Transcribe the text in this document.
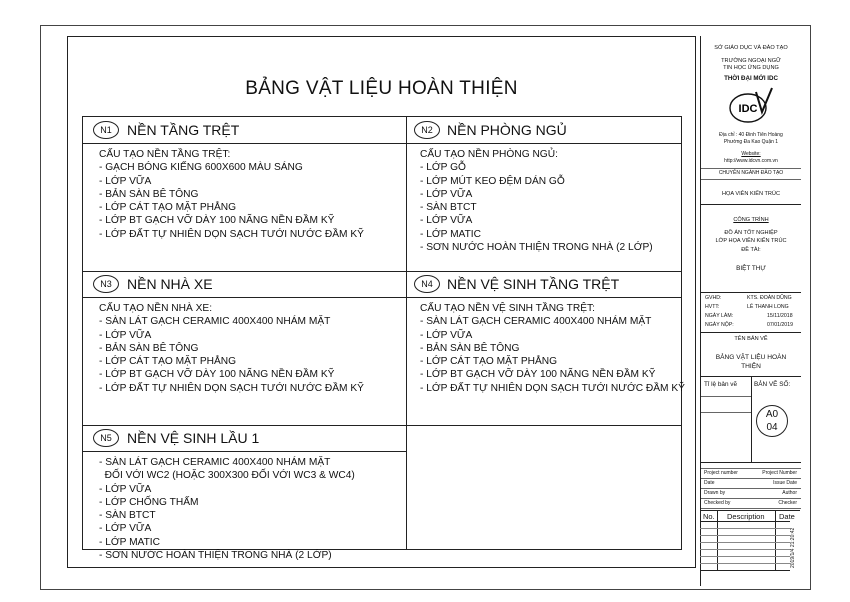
BẢNG VẬT LIỆU HOÀN THIỆN
N1	NỀN TẦNG TRỆT
CẤU TẠO NỀN TẦNG TRỆT:
- GẠCH BÓNG KIẾNG 600X600 MÀU SÁNG
- LỚP VỮA
- BẢN SÀN BÊ TÔNG
- LỚP CÁT TẠO MẶT PHẲNG
- LỚP BT GẠCH VỠ DÀY 100 NÃNG NỀN ĐẦM KỸ
- LỚP ĐẤT TỰ NHIÊN DỌN SẠCH TƯỚI NƯỚC ĐẦM KỸ
N2	NỀN PHÒNG NGỦ
CẤU TẠO NỀN PHÒNG NGỦ:
- LỚP GỖ
- LỚP MÚT KEO ĐỆM DÁN GỖ
- LỚP VỮA
- SÀN BTCT
- LỚP VỮA
- LỚP MATIC
- SƠN NƯỚC HOÀN THIỆN TRONG NHÀ (2 LỚP)
N3	NỀN NHÀ XE
CẤU TẠO NỀN NHÀ XE:
- SÀN LÁT GẠCH CERAMIC 400X400 NHÁM MẶT
- LỚP VỮA
- BẢN SÀN BÊ TÔNG
- LỚP CÁT TẠO MẶT PHẲNG
- LỚP BT GẠCH VỠ DÀY 100 NÃNG NỀN ĐẦM KỸ
- LỚP ĐẤT TỰ NHIÊN DỌN SẠCH TƯỚI NƯỚC ĐẦM KỸ
N4	NỀN VỆ SINH TẦNG TRỆT
CẤU TẠO NỀN VỆ SINH TẦNG TRỆT:
- SÀN LÁT GẠCH CERAMIC 400X400 NHÁM MẶT
- LỚP VỮA
- BẢN SÀN BÊ TÔNG
- LỚP CÁT TẠO MẶT PHẲNG
- LỚP BT GẠCH VỠ DÀY 100 NÃNG NỀN ĐẦM KỸ
- LỚP ĐẤT TỰ NHIÊN DỌN SẠCH TƯỚI NƯỚC ĐẦM KỸ
N5	NỀN VỆ SINH LẦU 1
- SÀN LÁT GẠCH CERAMIC 400X400 NHÁM MẶT
ĐỐI VỚI WC2 (HOẶC 300X300 ĐỐI VỚI WC3 & WC4)
- LỚP VỮA
- LỚP CHỐNG THẤM
- SÀN BTCT
- LỚP VỮA
- LỚP MATIC
- SƠN NƯỚC HOÀN THIỆN TRONG NHÀ (2 LỚP)
SỞ GIÁO DỤC VÀ ĐÀO TẠO
TRƯỜNG NGOẠI NGỮ
TIN HỌC ỨNG DỤNG
THỜI ĐẠI MỚI IDC
IDC
Địa chỉ : 40 Đinh Tiên Hoàng
Phường Đa Kao Quận 1
Website:
http://www.idcvn.com.vn
CHUYÊN NGÀNH ĐÀO TẠO
HỌA VIÊN KIẾN TRÚC
CÔNG TRÌNH
ĐỒ ÁN TỐT NGHIỆP
LỚP HỌA VIÊN KIẾN TRÚC
ĐỀ TÀI:
BIỆT THỰ
GVHD:	KTS. ĐOÀN DŨNG
HVTT:	LÊ THANH LONG
NGÀY LÀM:	15/11/2018
NGÀY NỘP:	07/01/2019
TÊN BẢN VẼ
BẢNG VẬT LIỆU HOÀN
THIỆN
Tỉ lệ bản vẽ	BẢN VẼ SỐ:
Project number	Project Number
Date	Issue Date
Drawn by	Author
Checked by	Checker
A0
04
No. Description Date
2019/1/4 21:20:42
